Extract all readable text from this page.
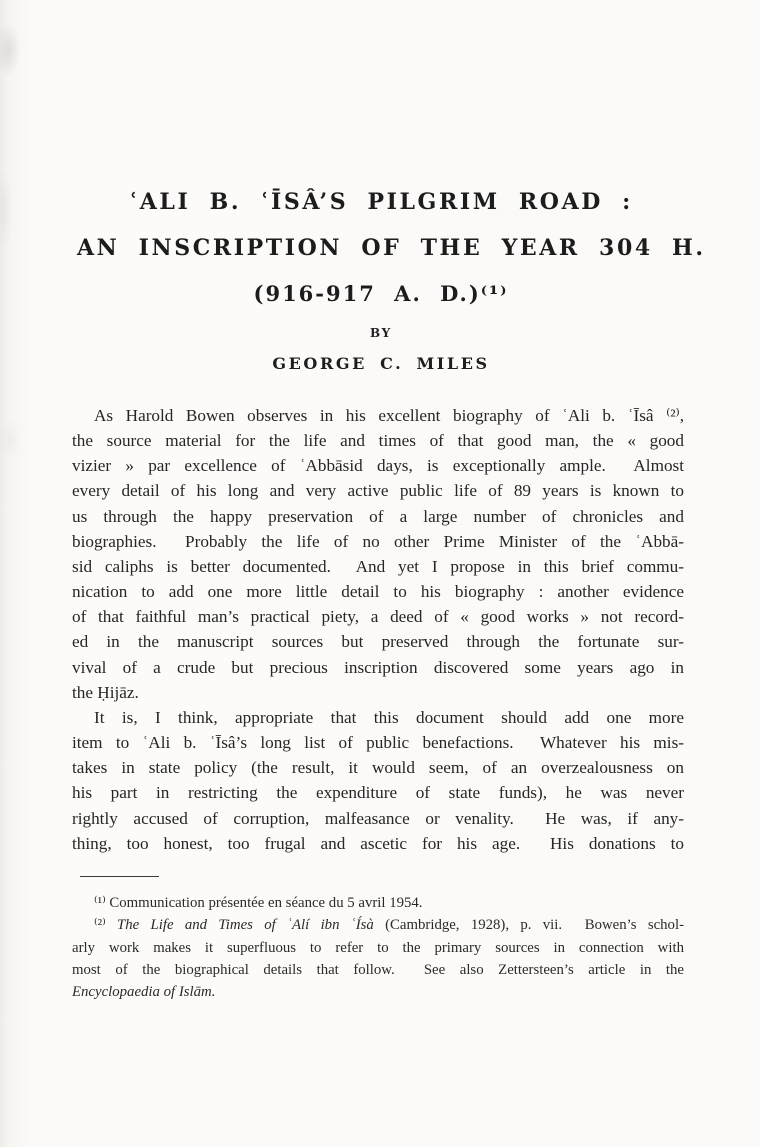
ʿALI B. ʿĪSÂ’S PILGRIM ROAD :
AN INSCRIPTION OF THE YEAR 304 H.
(916-917 A. D.)⁽¹⁾
BY
GEORGE C. MILES
As Harold Bowen observes in his excellent biography of ʿAli b. ʿĪsâ ⁽²⁾,
the source material for the life and times of that good man, the « good
vizier » par excellence of ʿAbbāsid days, is exceptionally ample.  Almost
every detail of his long and very active public life of 89 years is known to
us through the happy preservation of a large number of chronicles and
biographies.  Probably the life of no other Prime Minister of the ʿAbbā-
sid caliphs is better documented.  And yet I propose in this brief commu-
nication to add one more little detail to his biography : another evidence
of that faithful man’s practical piety, a deed of « good works » not record-
ed in the manuscript sources but preserved through the fortunate sur-
vival of a crude but precious inscription discovered some years ago in
the Ḥijāz.
It is, I think, appropriate that this document should add one more
item to ʿAli b. ʿĪsâ’s long list of public benefactions.  Whatever his mis-
takes in state policy (the result, it would seem, of an overzealousness on
his part in restricting the expenditure of state funds), he was never
rightly accused of corruption, malfeasance or venality.  He was, if any-
thing, too honest, too frugal and ascetic for his age.  His donations to
⁽¹⁾ Communication présentée en séance du 5 avril 1954.
⁽²⁾ The Life and Times of ʿAlí ibn ʿÍsà (Cambridge, 1928), p. vii.  Bowen’s schol-
arly work makes it superfluous to refer to the primary sources in connection with
most of the biographical details that follow.  See also Zettersteen’s article in the
Encyclopaedia of Islām.
